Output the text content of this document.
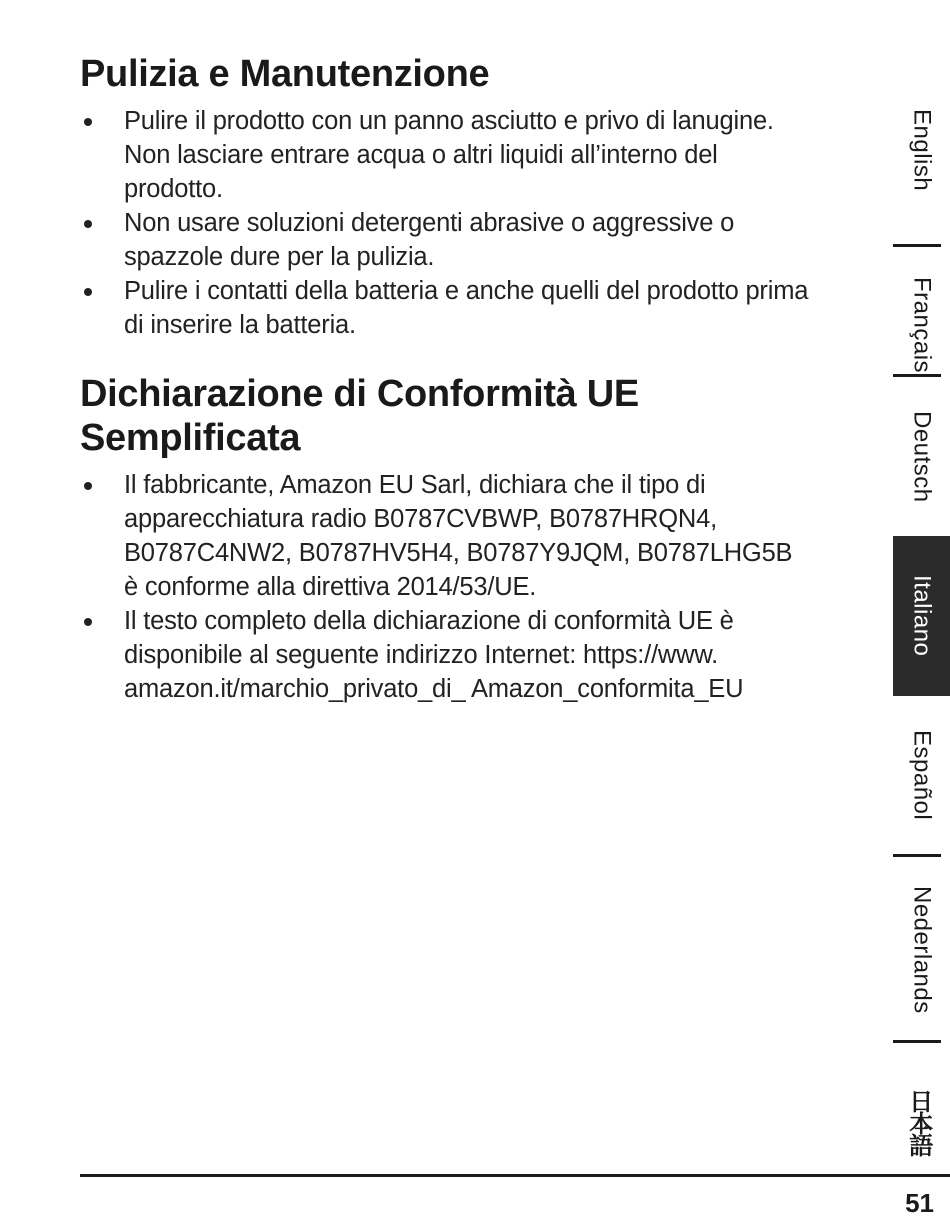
Pulizia e Manutenzione
Pulire il prodotto con un panno asciutto e privo di lanugine.
Non lasciare entrare acqua o altri liquidi all’interno del
prodotto.
Non usare soluzioni detergenti abrasive o aggressive o
spazzole dure per la pulizia.
Pulire i contatti della batteria e anche quelli del prodotto prima
di inserire la batteria.
Dichiarazione di Conformità UE
Semplificata
Il fabbricante, Amazon EU Sarl, dichiara che il tipo di
apparecchiatura radio B0787CVBWP, B0787HRQN4,
B0787C4NW2, B0787HV5H4, B0787Y9JQM, B0787LHG5B
è conforme alla direttiva 2014/53/UE.
Il testo completo della dichiarazione di conformità UE è
disponibile al seguente indirizzo Internet: https://www.
amazon.it/marchio_privato_di_ Amazon_conformita_EU
English
Français
Deutsch
Italiano
Español
Nederlands
日
本
語
51
